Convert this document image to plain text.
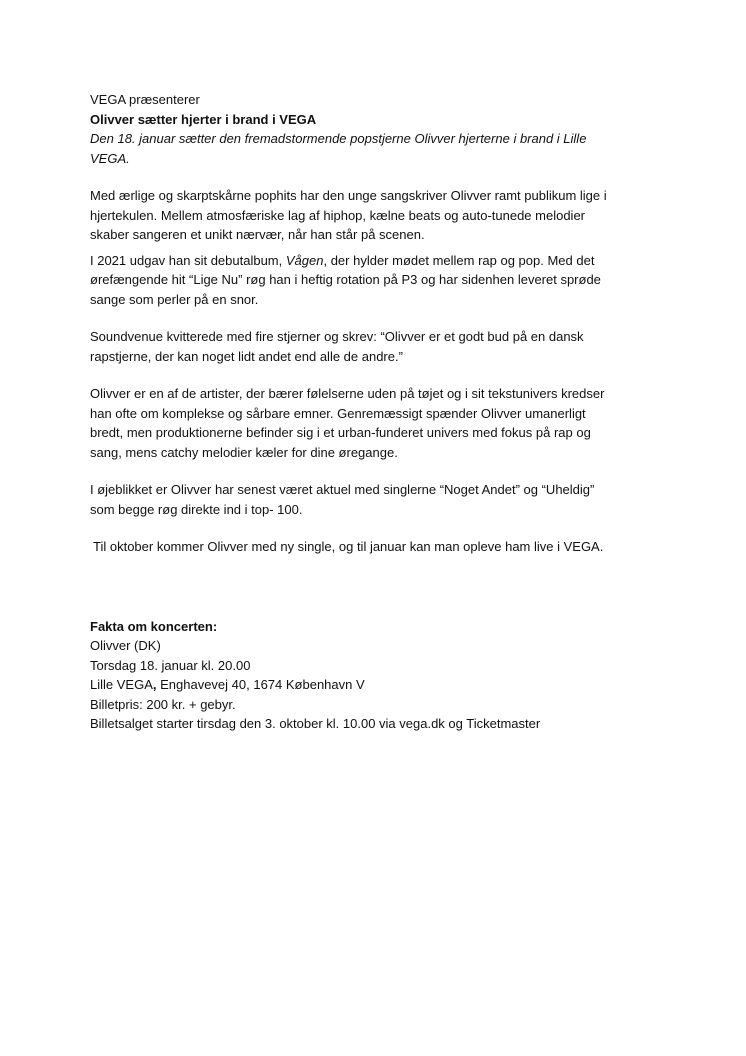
VEGA præsenterer

Olivver sætter hjerter i brand i VEGA

Den 18. januar sætter den fremadstormende popstjerne Olivver hjerterne i brand i Lille
VEGA.

Med ærlige og skarptskårne pophits har den unge sangskriver Olivver ramt publikum lige i
hjertekulen. Mellem atmosfæriske lag af hiphop, kælne beats og auto-tunede melodier
skaber sangeren et unikt nærvær, når han står på scenen.

I 2021 udgav han sit debutalbum, Vågen, der hylder mødet mellem rap og pop. Med det
ørefængende hit “Lige Nu” røg han i heftig rotation på P3 og har sidenhen leveret sprøde
sange som perler på en snor.

Soundvenue kvitterede med fire stjerner og skrev: “Olivver er et godt bud på en dansk
rapstjerne, der kan noget lidt andet end alle de andre.”

Olivver er en af de artister, der bærer følelserne uden på tøjet og i sit tekstunivers kredser
han ofte om komplekse og sårbare emner. Genremæssigt spænder Olivver umanerligt
bredt, men produktionerne befinder sig i et urban-funderet univers med fokus på rap og
sang, mens catchy melodier kæler for dine øregange.

I øjeblikket er Olivver har senest været aktuel med singlerne “Noget Andet” og “Uheldig”
som begge røg direkte ind i top- 100.

Til oktober kommer Olivver med ny single, og til januar kan man opleve ham live i VEGA.

Fakta om koncerten:

Olivver (DK)

Torsdag 18. januar kl. 20.00

Lille VEGA, Enghavevej 40, 1674 København V

Billetpris: 200 kr. + gebyr.

Billetsalget starter tirsdag den 3. oktober kl. 10.00 via vega.dk og Ticketmaster
